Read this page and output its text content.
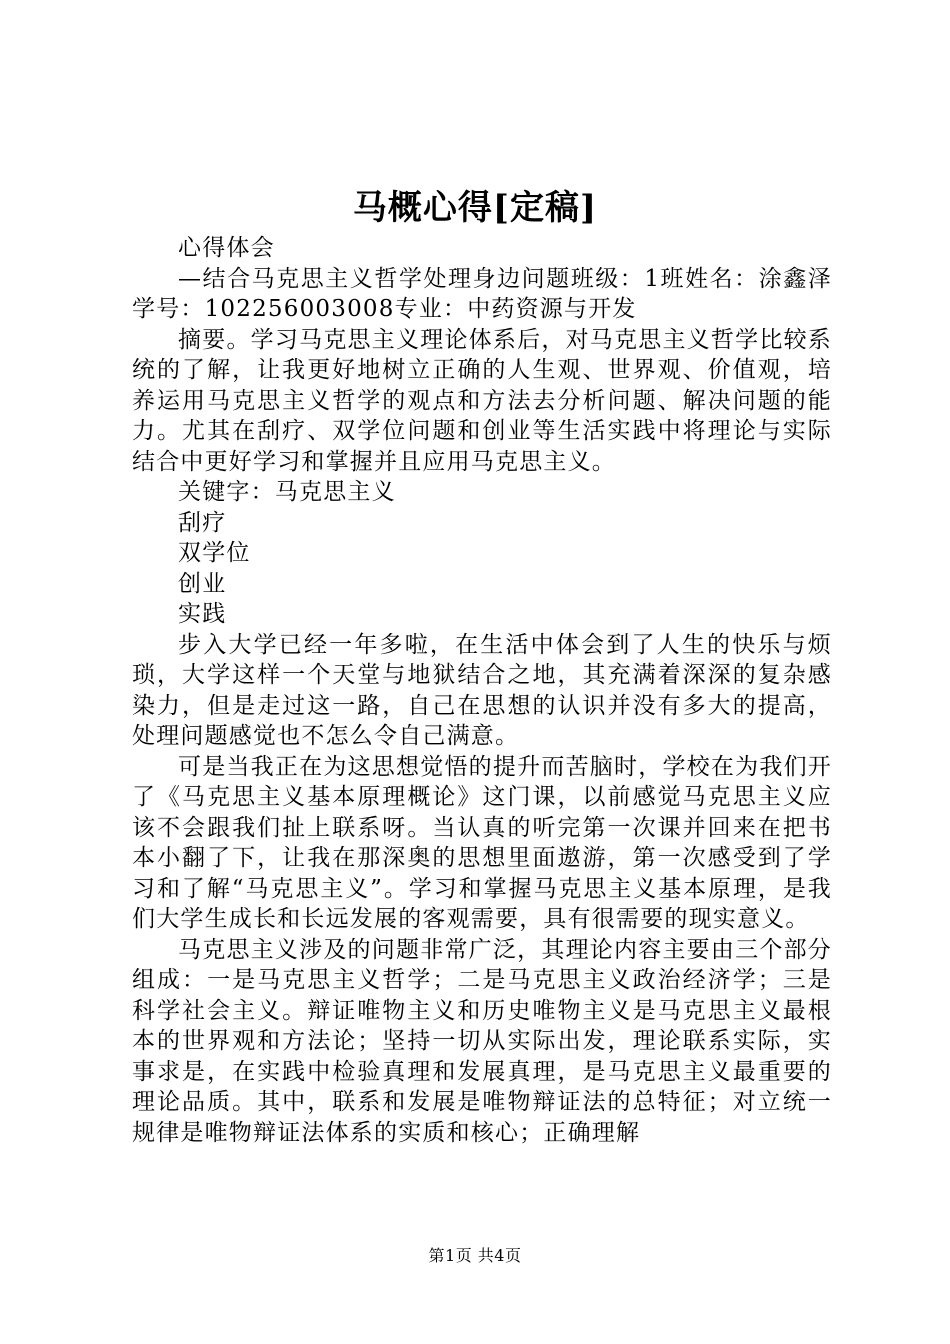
马概心得[定稿]

心得体会

—结合马克思主义哲学处理身边问题班级：1班姓名：涂鑫泽学号：102256003008专业：中药资源与开发

摘要。学习马克思主义理论体系后，对马克思主义哲学比较系统的了解，让我更好地树立正确的人生观、世界观、价值观，培养运用马克思主义哲学的观点和方法去分析问题、解决问题的能力。尤其在刮疗、双学位问题和创业等生活实践中将理论与实际结合中更好学习和掌握并且应用马克思主义。

关键字：马克思主义

刮疗

双学位

创业

实践

步入大学已经一年多啦，在生活中体会到了人生的快乐与烦琐，大学这样一个天堂与地狱结合之地，其充满着深深的复杂感染力，但是走过这一路，自己在思想的认识并没有多大的提高，处理问题感觉也不怎么令自己满意。

可是当我正在为这思想觉悟的提升而苦脑时，学校在为我们开了《马克思主义基本原理概论》这门课，以前感觉马克思主义应该不会跟我们扯上联系呀。当认真的听完第一次课并回来在把书本小翻了下，让我在那深奥的思想里面遨游，第一次感受到了学习和了解“马克思主义”。学习和掌握马克思主义基本原理，是我们大学生成长和长远发展的客观需要，具有很需要的现实意义。

马克思主义涉及的问题非常广泛，其理论内容主要由三个部分组成：一是马克思主义哲学；二是马克思主义政治经济学；三是科学社会主义。辩证唯物主义和历史唯物主义是马克思主义最根本的世界观和方法论；坚持一切从实际出发，理论联系实际，实事求是，在实践中检验真理和发展真理，是马克思主义最重要的理论品质。其中，联系和发展是唯物辩证法的总特征；对立统一规律是唯物辩证法体系的实质和核心；正确理解

第1页 共4页
